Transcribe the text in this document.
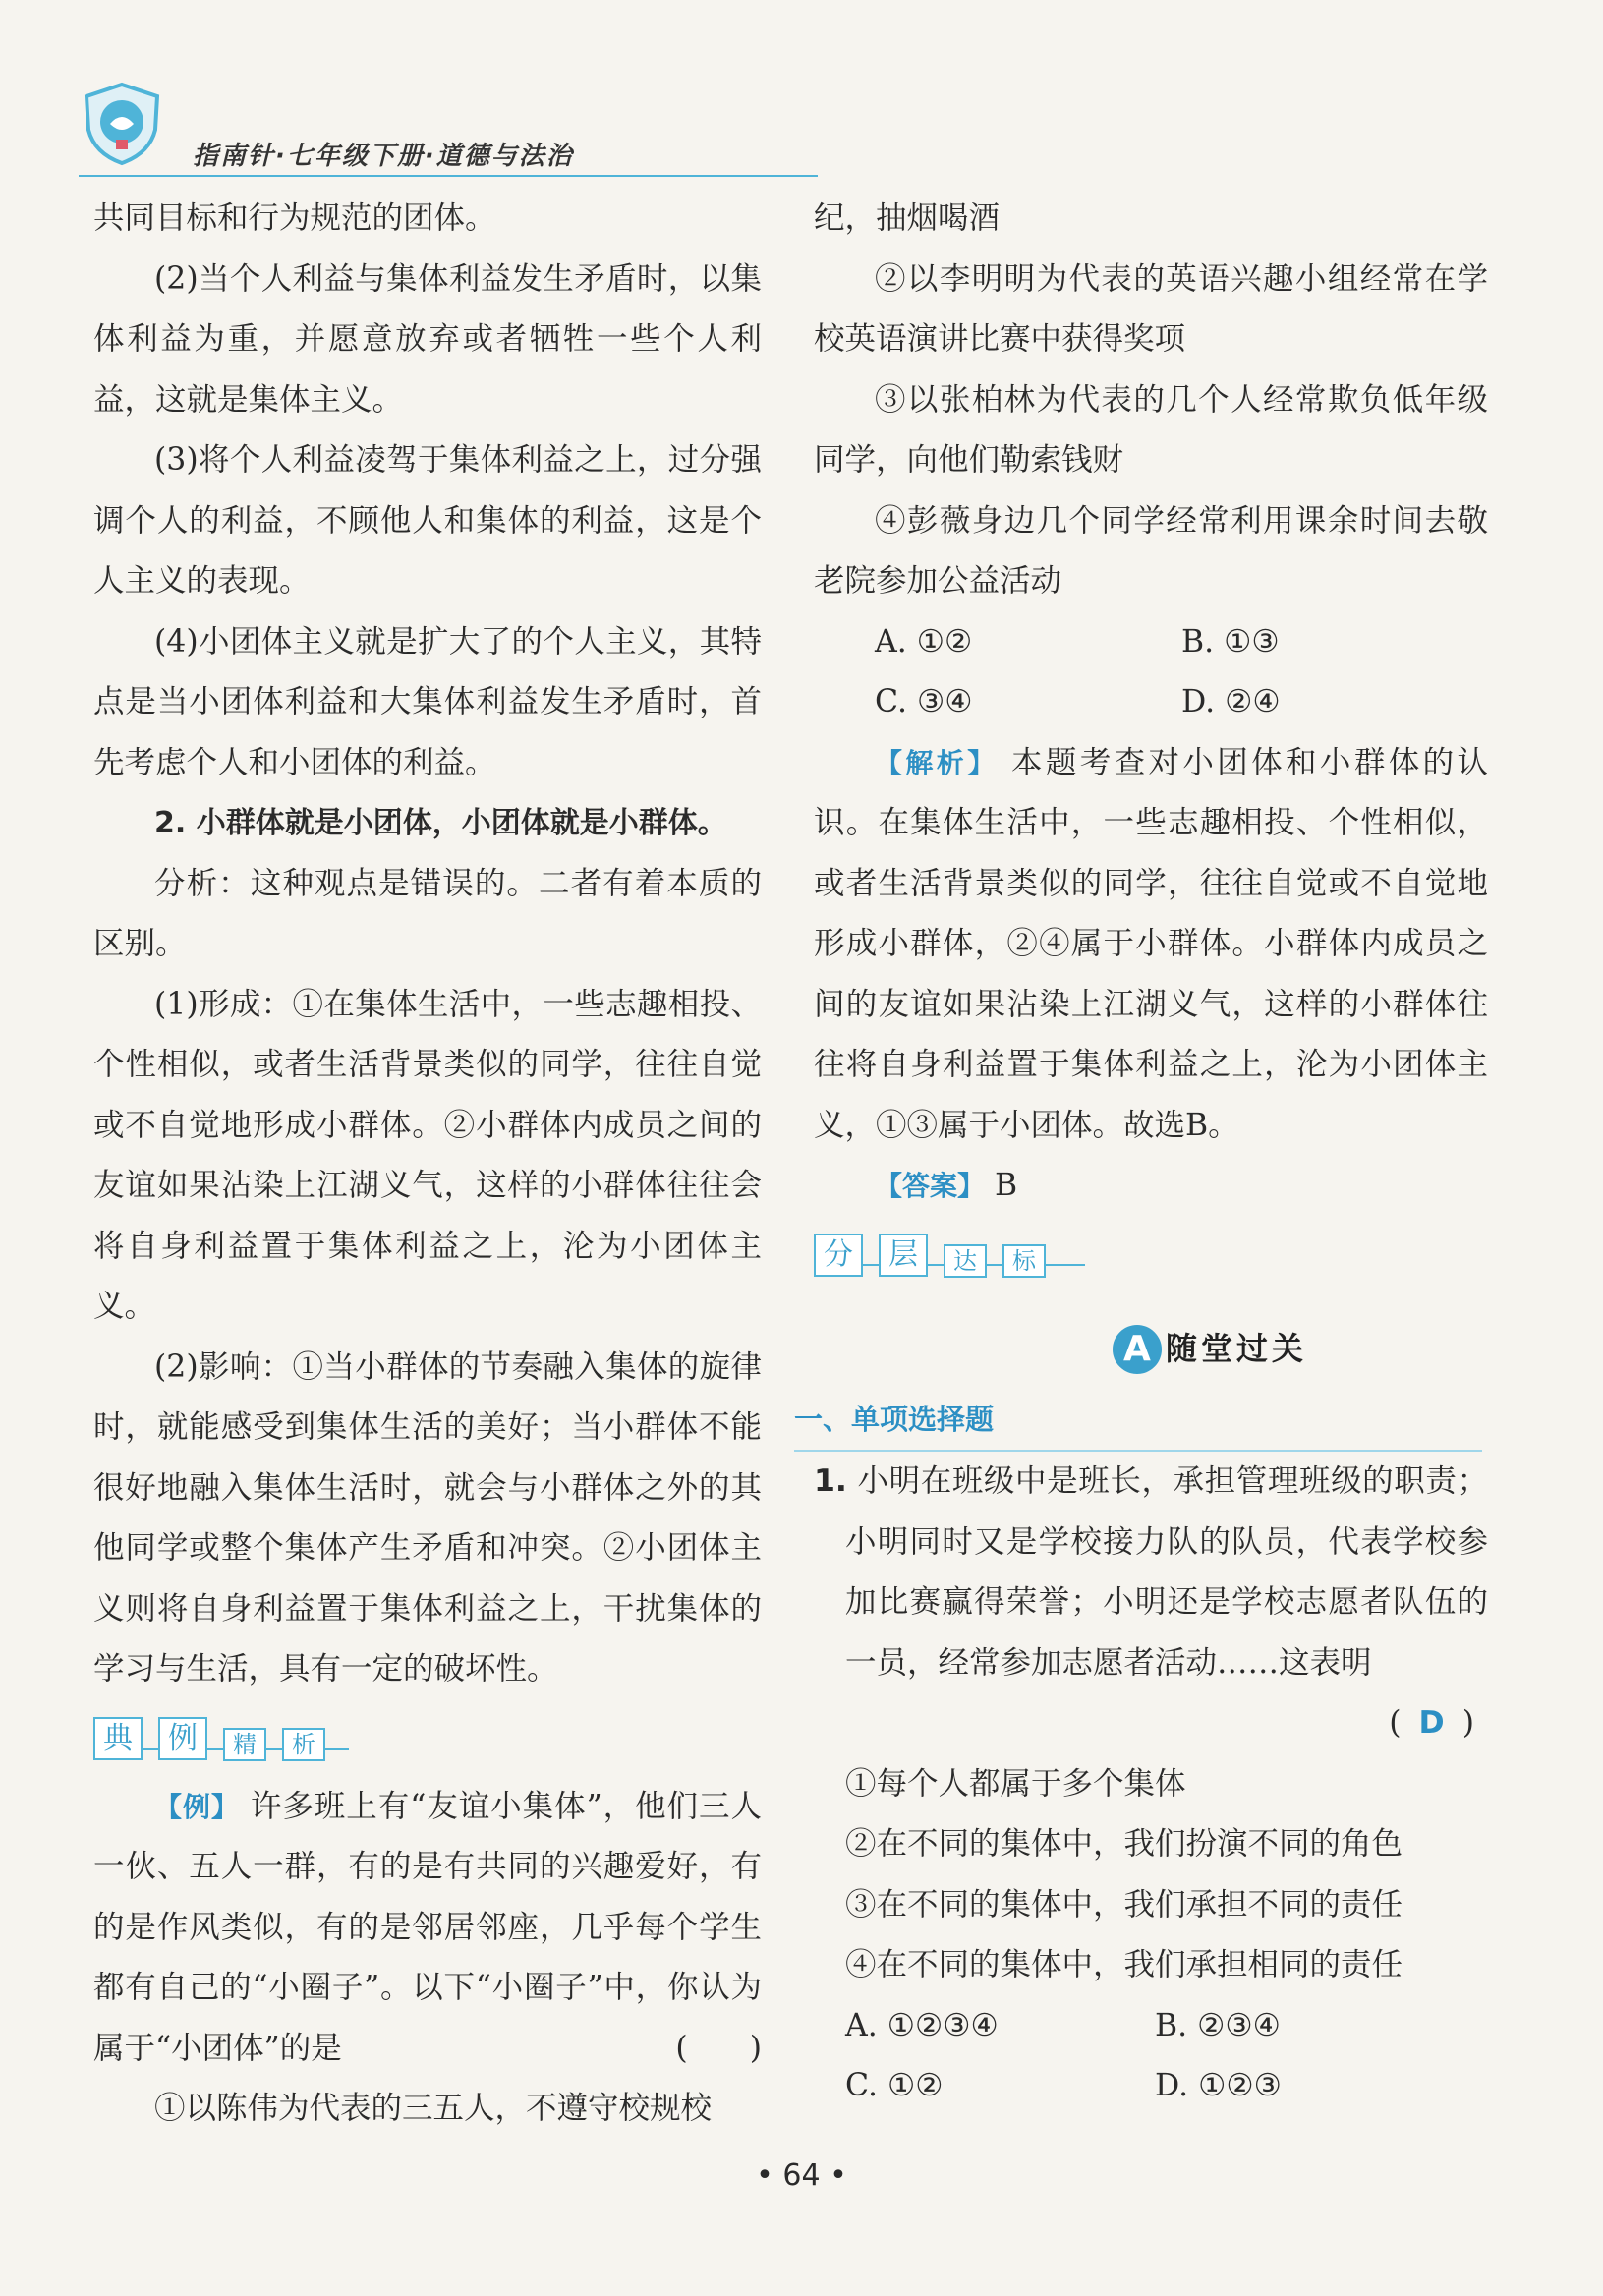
指南针·七年级下册·道德与法治

共同目标和行为规范的团体。

(2)当个人利益与集体利益发生矛盾时，以集体利益为重，并愿意放弃或者牺牲一些个人利益，这就是集体主义。

(3)将个人利益凌驾于集体利益之上，过分强调个人的利益，不顾他人和集体的利益，这是个人主义的表现。

(4)小团体主义就是扩大了的个人主义，其特点是当小团体利益和大集体利益发生矛盾时，首先考虑个人和小团体的利益。

2. 小群体就是小团体，小团体就是小群体。

分析：这种观点是错误的。二者有着本质的区别。

(1)形成：①在集体生活中，一些志趣相投、个性相似，或者生活背景类似的同学，往往自觉或不自觉地形成小群体。②小群体内成员之间的友谊如果沾染上江湖义气，这样的小群体往往会将自身利益置于集体利益之上，沦为小团体主义。

(2)影响：①当小群体的节奏融入集体的旋律时，就能感受到集体生活的美好；当小群体不能很好地融入集体生活时，就会与小群体之外的其他同学或整个集体产生矛盾和冲突。②小团体主义则将自身利益置于集体利益之上，干扰集体的学习与生活，具有一定的破坏性。

典	例	精	析

【例】 许多班上有“友谊小集体”，他们三人一伙、五人一群，有的是有共同的兴趣爱好，有的是作风类似，有的是邻居邻座，几乎每个学生都有自己的“小圈子”。以下“小圈子”中，你认为属于“小团体”的是	(　　)

①以陈伟为代表的三五人，不遵守校规校

纪，抽烟喝酒

②以李明明为代表的英语兴趣小组经常在学校英语演讲比赛中获得奖项

③以张柏林为代表的几个人经常欺负低年级同学，向他们勒索钱财

④彭薇身边几个同学经常利用课余时间去敬老院参加公益活动

A. ①②	B. ①③
C. ③④	D. ②④

【解析】 本题考查对小团体和小群体的认识。在集体生活中，一些志趣相投、个性相似，或者生活背景类似的同学，往往自觉或不自觉地形成小群体，②④属于小群体。小群体内成员之间的友谊如果沾染上江湖义气，这样的小群体往往将自身利益置于集体利益之上，沦为小团体主义，①③属于小团体。故选B。

【答案】 B

分	层	达	标
A 随堂过关
一、单项选择题

1. 小明在班级中是班长，承担管理班级的职责；小明同时又是学校接力队的队员，代表学校参加比赛赢得荣誉；小明还是学校志愿者队伍的一员，经常参加志愿者活动……这表明

( D )

①每个人都属于多个集体

②在不同的集体中，我们扮演不同的角色

③在不同的集体中，我们承担不同的责任

④在不同的集体中，我们承担相同的责任

A. ①②③④	B. ②③④
C. ①②	D. ①②③
• 64 •
